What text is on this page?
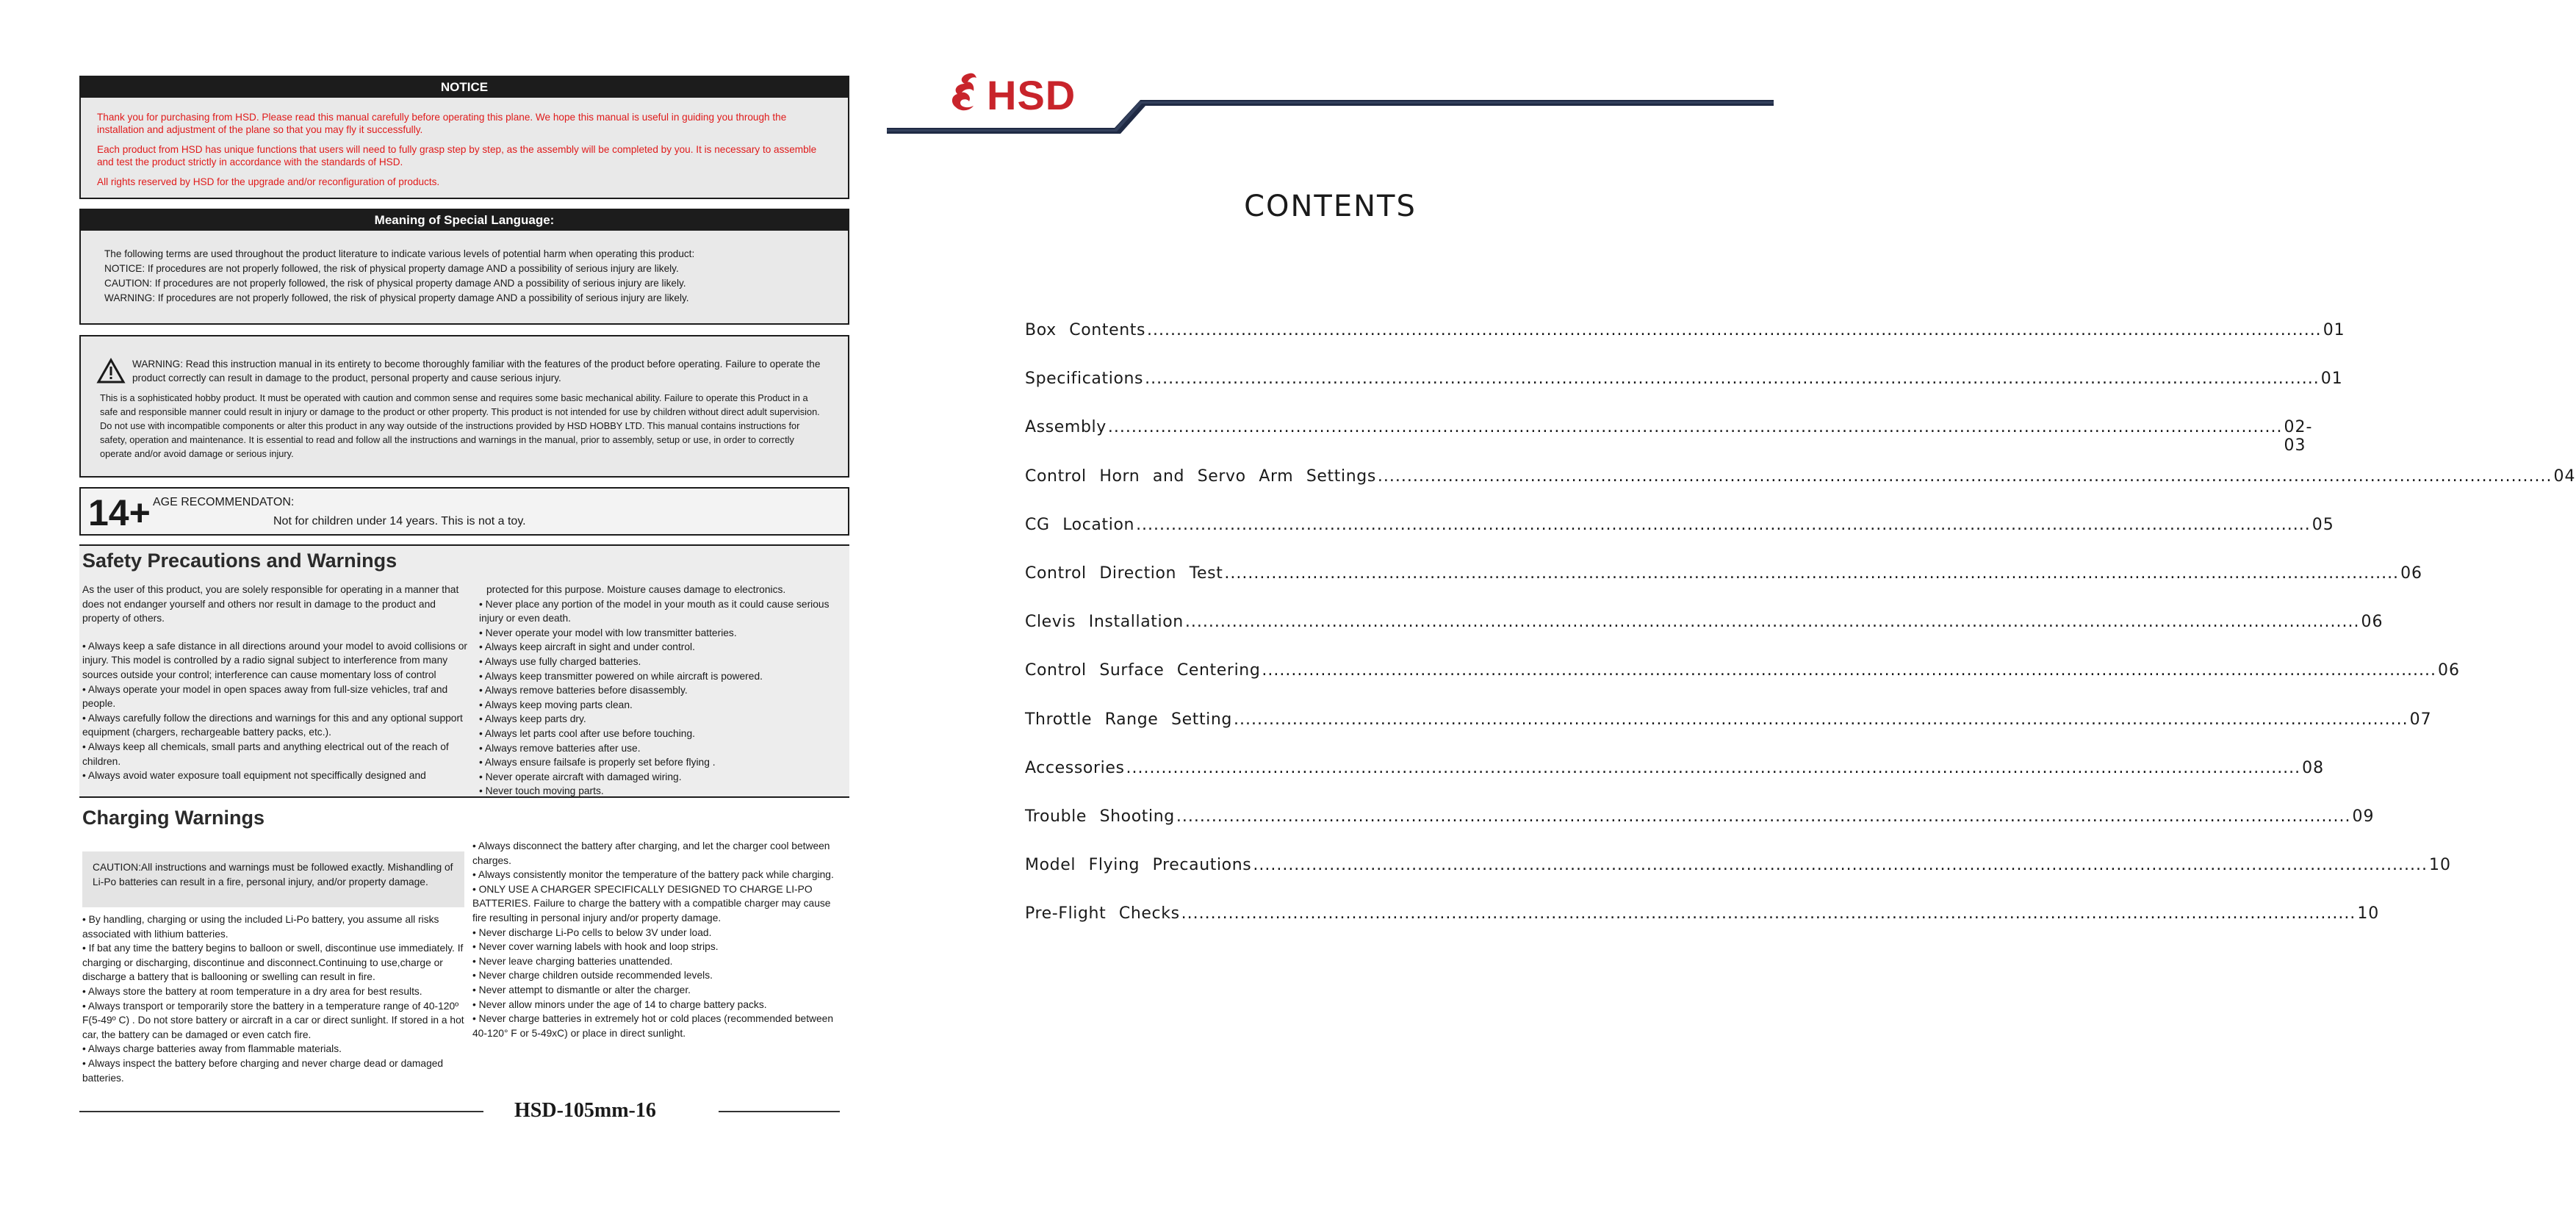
NOTICE

Thank you for purchasing from HSD. Please read this manual carefully before operating this plane. We hope this manual is useful in guiding you through the installation and adjustment of the plane so that you may fly it successfully.

Each product from HSD has unique functions that users will need to fully grasp step by step, as the assembly will be completed by you. It is necessary to assemble and test the product strictly in accordance with the standards of HSD.

All rights reserved by HSD for the upgrade and/or reconfiguration of products.

Meaning of Special Language:
The following terms are used throughout the product literature to indicate various levels of potential harm when operating this product:
NOTICE: If procedures are not properly followed, the risk of physical property damage AND a possibility of serious injury are likely.
CAUTION: If procedures are not properly followed, the risk of physical property damage AND a possibility of serious injury are likely.
WARNING: If procedures are not properly followed, the risk of physical property damage AND a possibility of serious injury are likely.
WARNING: Read this instruction manual in its entirety to become thoroughly familiar with the features of the product before operating. Failure to operate the product correctly can result in damage to the product, personal property and cause serious injury.
This is a sophisticated hobby product. It must be operated with caution and common sense and requires some basic mechanical ability. Failure to operate this Product in a safe and responsible manner could result in injury or damage to the product or other property. This product is not intended for use by children without direct adult supervision. Do not use with incompatible components or alter this product in any way outside of the instructions provided by HSD HOBBY LTD. This manual contains instructions for safety, operation and maintenance. It is essential to read and follow all the instructions and warnings in the manual, prior to assembly, setup or use, in order to correctly operate and/or avoid damage or serious injury.
14+ AGE RECOMMENDATON:
Not for children under 14 years. This is not a toy.
Safety Precautions and Warnings

As the user of this product, you are solely responsible for operating in a manner that does not endanger yourself and others nor result in damage to the product and property of others.

• Always keep a safe distance in all directions around your model to avoid collisions or injury. This model is controlled by a radio signal subject to interference from many sources outside your control; interference can cause momentary loss of control

• Always operate your model in open spaces away from full-size vehicles, traf and people.

• Always carefully follow the directions and warnings for this and any optional support equipment (chargers, rechargeable battery packs, etc.).

• Always keep all chemicals, small parts and anything electrical out of the reach of children.

• Always avoid water exposure toall equipment not speciffically designed and

protected for this purpose. Moisture causes damage to electronics.

• Never place any portion of the model in your mouth as it could cause serious injury or even death.

• Never operate your model with low transmitter batteries.

• Always keep aircraft in sight and under control.

• Always use fully charged batteries.

• Always keep transmitter powered on while aircraft is powered.

• Always remove batteries before disassembly.

• Always keep moving parts clean.

• Always keep parts dry.

• Always let parts cool after use before touching.

• Always remove batteries after use.

• Always ensure failsafe is properly set before flying .

• Never operate aircraft with damaged wiring.

• Never touch moving parts.

Charging Warnings
CAUTION:All instructions and warnings must be followed exactly. Mishandling of Li-Po batteries can result in a fire, personal injury, and/or property damage.

• By handling, charging or using the included Li-Po battery, you assume all risks associated with lithium batteries.

• If bat any time the battery begins to balloon or swell, discontinue use immediately. If charging or discharging, discontinue and disconnect.Continuing to use,charge or discharge a battery that is ballooning or swelling can result in fire.

• Always store the battery at room temperature in a dry area for best results.

• Always transport or temporarily store the battery in a temperature range of 40-120º F(5-49º C) . Do not store battery or aircraft in a car or direct sunlight. If stored in a hot car, the battery can be damaged or even catch fire.

• Always charge batteries away from flammable materials.

• Always inspect the battery before charging and never charge dead or damaged batteries.

• Always disconnect the battery after charging, and let the charger cool between charges.

• Always consistently monitor the temperature of the battery pack while charging.

• ONLY USE A CHARGER SPECIFICALLY DESIGNED TO CHARGE LI-PO BATTERIES. Failure to charge the battery with a compatible charger may cause fire resulting in personal injury and/or property damage.

• Never discharge Li-Po cells to below 3V under load.

• Never cover warning labels with hook and loop strips.

• Never leave charging batteries unattended.

• Never charge children outside recommended levels.

• Never attempt to dismantle or alter the charger.

• Never allow minors under the age of 14 to charge battery packs.

• Never charge batteries in extremely hot or cold places (recommended between 40-120° F or 5-49xC) or place in direct sunlight.

HSD-105mm-16
HSD
CONTENTS
Box Contents ........................................................................................................................................................................................................ 01
Specifications ........................................................................................................................................................................................................ 01
Assembly ........................................................................................................................................................................................................ 02-03
Control Horn and Servo Arm Settings ........................................................................................................................................................................................................ 04
CG Location ........................................................................................................................................................................................................ 05
Control Direction Test ........................................................................................................................................................................................................ 06
Clevis Installation ........................................................................................................................................................................................................ 06
Control Surface Centering ........................................................................................................................................................................................................ 06
Throttle Range Setting ........................................................................................................................................................................................................ 07
Accessories ........................................................................................................................................................................................................ 08
Trouble Shooting ........................................................................................................................................................................................................ 09
Model Flying Precautions ........................................................................................................................................................................................................ 10
Pre-Flight Checks ........................................................................................................................................................................................................ 10
